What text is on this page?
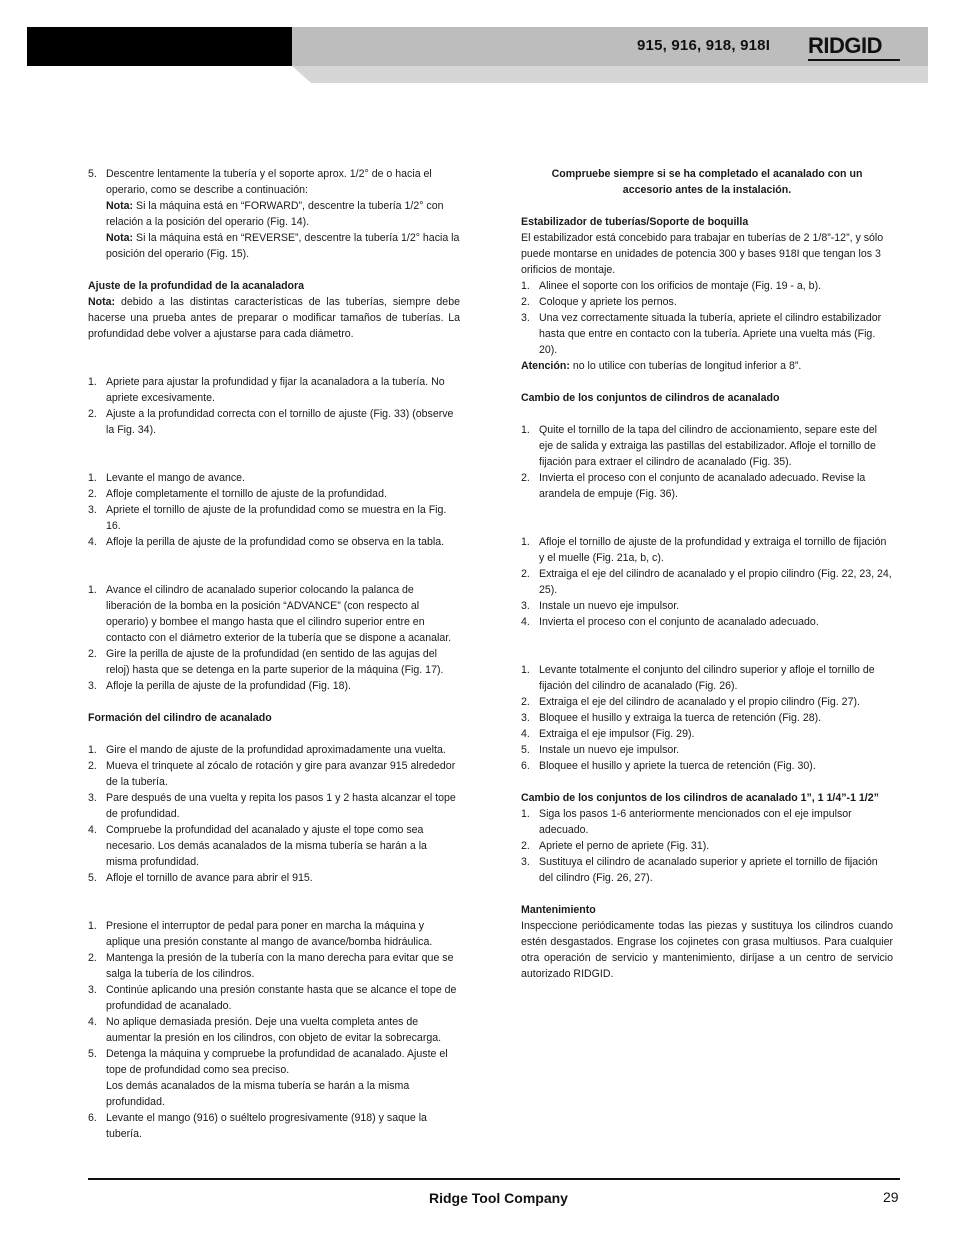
915, 916, 918, 918I RIDGID
5. Descentre lentamente la tubería y el soporte aprox. 1/2° de o hacia el operario, como se describe a continuación:
Nota: Si la máquina está en “FORWARD”, descentre la tubería 1/2° con relación a la posición del operario (Fig. 14).
Nota: Si la máquina está en “REVERSE”, descentre la tubería 1/2° hacia la posición del operario (Fig. 15).

Ajuste de la profundidad de la acanaladora

Nota: debido a las distintas características de las tuberías, siempre debe hacerse una prueba antes de preparar o modificar tamaños de tuberías. La profundidad debe volver a ajustarse para cada diámetro.

1. Apriete para ajustar la profundidad y fijar la acanaladora a la tubería. No apriete excesivamente.
2. Ajuste a la profundidad correcta con el tornillo de ajuste (Fig. 33) (observe la Fig. 34).
1. Levante el mango de avance.
2. Afloje completamente el tornillo de ajuste de la profundidad.
3. Apriete el tornillo de ajuste de la profundidad como se muestra en la Fig. 16.
4. Afloje la perilla de ajuste de la profundidad como se observa en la tabla.
1. Avance el cilindro de acanalado superior colocando la palanca de liberación de la bomba en la posición “ADVANCE” (con respecto al operario) y bombee el mango hasta que el cilindro superior entre en contacto con el diámetro exterior de la tubería que se dispone a acanalar.
2. Gire la perilla de ajuste de la profundidad (en sentido de las agujas del reloj) hasta que se detenga en la parte superior de la máquina (Fig. 17).
3. Afloje la perilla de ajuste de la profundidad (Fig. 18).

Formación del cilindro de acanalado

1. Gire el mando de ajuste de la profundidad aproximadamente una vuelta.
2. Mueva el trinquete al zócalo de rotación y gire para avanzar 915 alrededor de la tubería.
3. Pare después de una vuelta y repita los pasos 1 y 2 hasta alcanzar el tope de profundidad.
4. Compruebe la profundidad del acanalado y ajuste el tope como sea necesario. Los demás acanalados de la misma tubería se harán a la misma profundidad.
5. Afloje el tornillo de avance para abrir el 915.
1. Presione el interruptor de pedal para poner en marcha la máquina y aplique una presión constante al mango de avance/bomba hidráulica.
2. Mantenga la presión de la tubería con la mano derecha para evitar que se salga la tubería de los cilindros.
3. Continúe aplicando una presión constante hasta que se alcance el tope de profundidad de acanalado.
4. No aplique demasiada presión. Deje una vuelta completa antes de aumentar la presión en los cilindros, con objeto de evitar la sobrecarga.
5. Detenga la máquina y compruebe la profundidad de acanalado. Ajuste el tope de profundidad como sea preciso.
Los demás acanalados de la misma tubería se harán a la misma profundidad.
6. Levante el mango (916) o suéltelo progresivamente (918) y saque la tubería.

Compruebe siempre si se ha completado el acanalado con un accesorio antes de la instalación.

Estabilizador de tuberías/Soporte de boquilla

El estabilizador está concebido para trabajar en tuberías de 2 1/8”-12”, y sólo puede montarse en unidades de potencia 300 y bases 918I que tengan los 3 orificios de montaje.

1. Alinee el soporte con los orificios de montaje (Fig. 19 - a, b).
2. Coloque y apriete los pernos.
3. Una vez correctamente situada la tubería, apriete el cilindro estabilizador hasta que entre en contacto con la tubería. Apriete una vuelta más (Fig. 20).

Atención: no lo utilice con tuberías de longitud inferior a 8”.

Cambio de los conjuntos de cilindros de acanalado

1. Quite el tornillo de la tapa del cilindro de accionamiento, separe este del eje de salida y extraiga las pastillas del estabilizador. Afloje el tornillo de fijación para extraer el cilindro de acanalado (Fig. 35).
2. Invierta el proceso con el conjunto de acanalado adecuado. Revise la arandela de empuje (Fig. 36).
1. Afloje el tornillo de ajuste de la profundidad y extraiga el tornillo de fijación y el muelle (Fig. 21a, b, c).
2. Extraiga el eje del cilindro de acanalado y el propio cilindro (Fig. 22, 23, 24, 25).
3. Instale un nuevo eje impulsor.
4. Invierta el proceso con el conjunto de acanalado adecuado.
1. Levante totalmente el conjunto del cilindro superior y afloje el tornillo de fijación del cilindro de acanalado (Fig. 26).
2. Extraiga el eje del cilindro de acanalado y el propio cilindro (Fig. 27).
3. Bloquee el husillo y extraiga la tuerca de retención (Fig. 28).
4. Extraiga el eje impulsor (Fig. 29).
5. Instale un nuevo eje impulsor.
6. Bloquee el husillo y apriete la tuerca de retención (Fig. 30).

Cambio de los conjuntos de los cilindros de acanalado 1”, 1 1/4”-1 1/2”

1. Siga los pasos 1-6 anteriormente mencionados con el eje impulsor adecuado.
2. Apriete el perno de apriete (Fig. 31).
3. Sustituya el cilindro de acanalado superior y apriete el tornillo de fijación del cilindro (Fig. 26, 27).

Mantenimiento

Inspeccione periódicamente todas las piezas y sustituya los cilindros cuando estén desgastados. Engrase los cojinetes con grasa multiusos. Para cualquier otra operación de servicio y mantenimiento, diríjase a un centro de servicio autorizado RIDGID.

Ridge Tool Company	29
